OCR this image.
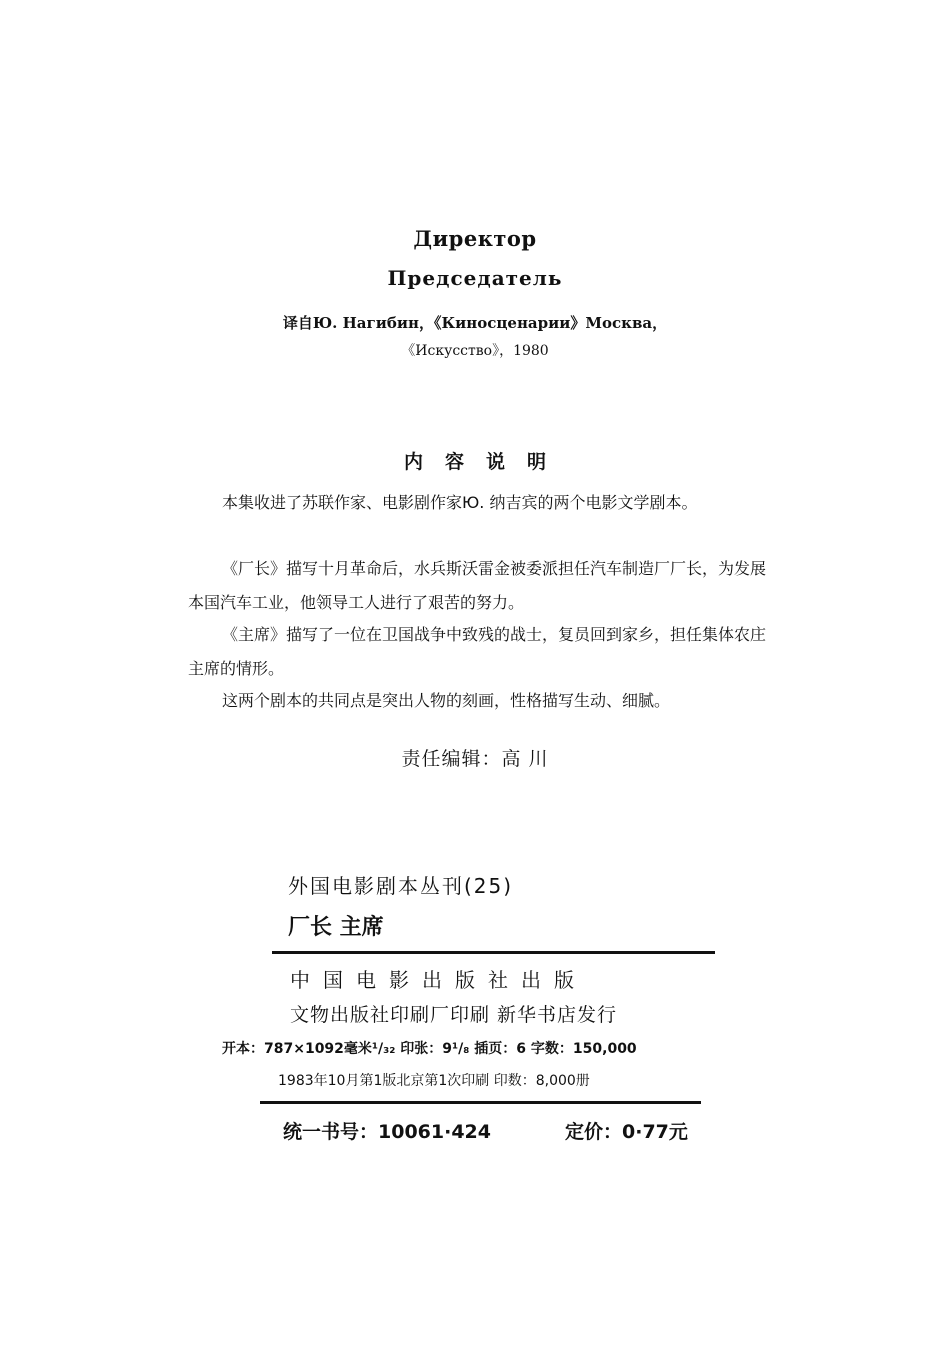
Директор
Председатель
译自Ю. Нагибин，《Киносценарии》Москва，
《Искусство》，1980
内容说明
本集收进了苏联作家、电影剧作家Ю. 纳吉宾的两个电影文学剧本。
《厂长》描写十月革命后，水兵斯沃雷金被委派担任汽车制造厂厂长，为发展本国汽车工业，他领导工人进行了艰苦的努力。
《主席》描写了一位在卫国战争中致残的战士，复员回到家乡，担任集体农庄主席的情形。
这两个剧本的共同点是突出人物的刻画，性格描写生动、细腻。
责任编辑：高 川
外国电影剧本丛刊(25)
厂长 主席
中国电影出版社出版
文物出版社印刷厂印刷 新华书店发行
开本：787×1092毫米¹/₃₂ 印张：9¹/₈ 插页：6 字数：150,000
1983年10月第1版北京第1次印刷 印数：8,000册
统一书号：10061·424	定价：0·77元
